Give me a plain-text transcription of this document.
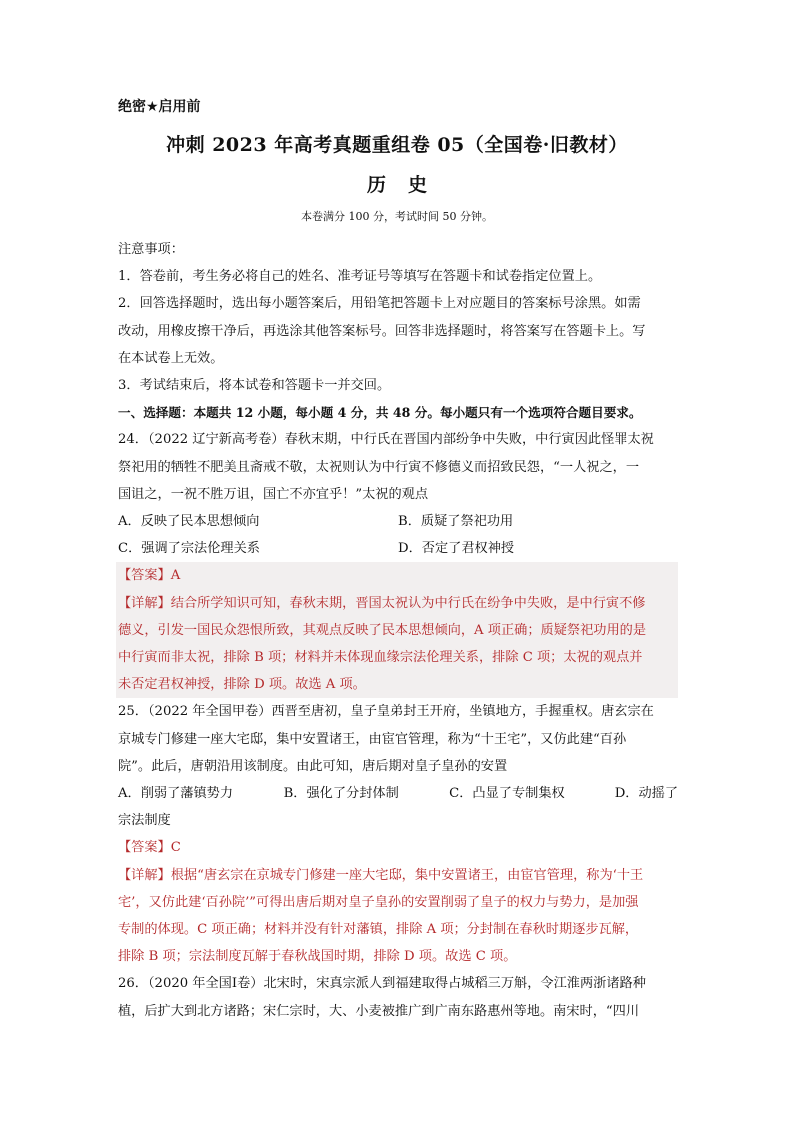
绝密★启用前
冲刺 2023 年高考真题重组卷 05（全国卷·旧教材）
历史
本卷满分 100 分，考试时间 50 分钟。

注意事项：

1．答卷前，考生务必将自己的姓名、准考证号等填写在答题卡和试卷指定位置上。

2．回答选择题时，选出每小题答案后，用铅笔把答题卡上对应题目的答案标号涂黑。如需

改动，用橡皮擦干净后，再选涂其他答案标号。回答非选择题时，将答案写在答题卡上。写

在本试卷上无效。

3．考试结束后，将本试卷和答题卡一并交回。

一、选择题：本题共 12 小题，每小题 4 分，共 48 分。每小题只有一个选项符合题目要求。

24．（2022 辽宁新高考卷）春秋末期，中行氏在晋国内部纷争中失败，中行寅因此怪罪太祝

祭祀用的牺牲不肥美且斋戒不敬，太祝则认为中行寅不修德义而招致民怨，“一人祝之，一

国诅之，一祝不胜万诅，国亡不亦宜乎！”太祝的观点

A．反映了民本思想倾向	B．质疑了祭祀功用
C．强调了宗法伦理关系	D．否定了君权神授

【答案】A

【详解】结合所学知识可知，春秋末期，晋国太祝认为中行氏在纷争中失败，是中行寅不修

德义，引发一国民众怨恨所致，其观点反映了民本思想倾向，A 项正确；质疑祭祀功用的是

中行寅而非太祝，排除 B 项；材料并未体现血缘宗法伦理关系，排除 C 项；太祝的观点并

未否定君权神授，排除 D 项。故选 A 项。

25．（2022 年全国甲卷）西晋至唐初，皇子皇弟封王开府，坐镇地方，手握重权。唐玄宗在

京城专门修建一座大宅邸，集中安置诸王，由宦官管理，称为“十王宅”，又仿此建“百孙

院”。此后，唐朝沿用该制度。由此可知，唐后期对皇子皇孙的安置

A．削弱了藩镇势力	B．强化了分封体制	C．凸显了专制集权	D．动摇了

宗法制度

【答案】C

【详解】根据“唐玄宗在京城专门修建一座大宅邸，集中安置诸王，由宦官管理，称为‘十王

宅’，又仿此建‘百孙院’”可得出唐后期对皇子皇孙的安置削弱了皇子的权力与势力，是加强

专制的体现。C 项正确；材料并没有针对藩镇，排除 A 项；分封制在春秋时期逐步瓦解，

排除 B 项；宗法制度瓦解于春秋战国时期，排除 D 项。故选 C 项。

26．（2020 年全国Ⅰ卷）北宋时，宋真宗派人到福建取得占城稻三万斛，令江淮两浙诸路种

植，后扩大到北方诸路；宋仁宗时，大、小麦被推广到广南东路惠州等地。南宋时，“四川
